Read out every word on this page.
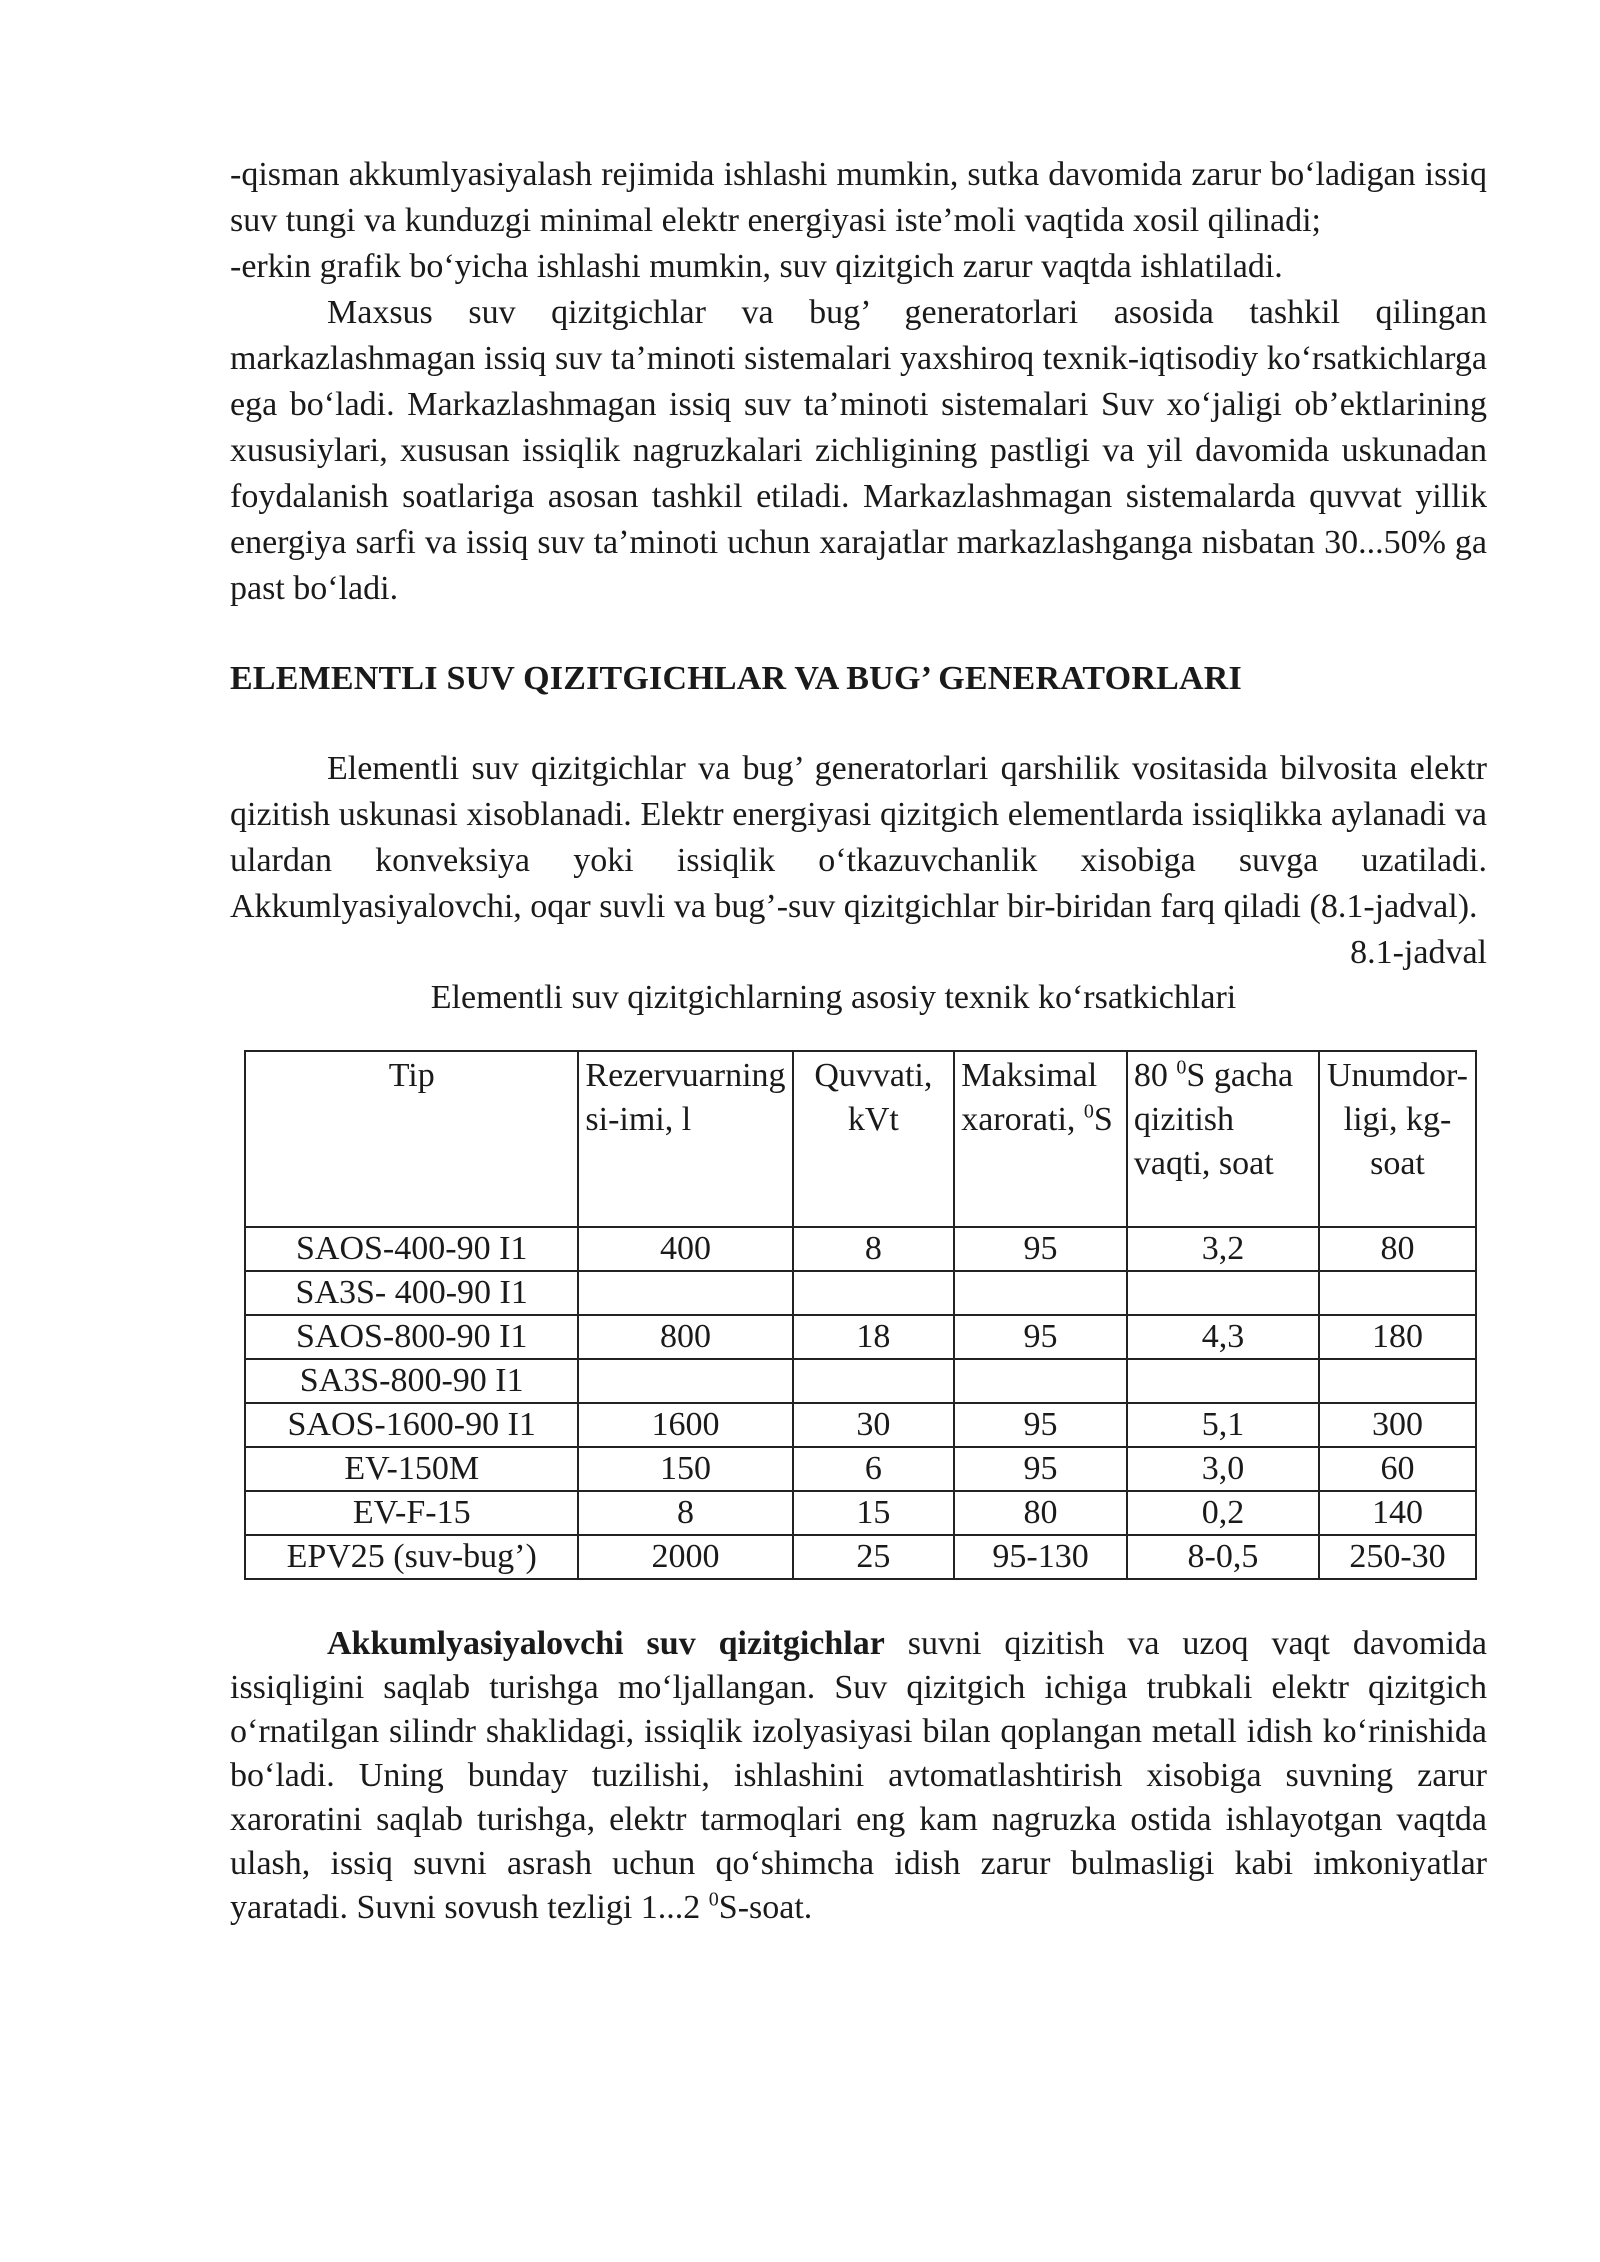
-qisman akkumlyasiyalash rejimida ishlashi mumkin, sutka davomida zarur boʻladigan issiq suv tungi va kunduzgi minimal elektr energiyasi isteʼmoli vaqtida xosil qilinadi;

-erkin grafik boʻyicha ishlashi mumkin, suv qizitgich zarur vaqtda ishlatiladi.

Maxsus suv qizitgichlar va bug’ generatorlari asosida tashkil qilingan markazlashmagan issiq suv taʼminoti sistemalari yaxshiroq texnik-iqtisodiy koʻrsatkichlarga ega boʻladi. Markazlashmagan issiq suv taʼminoti sistemalari Suv xoʻjaligi obʼektlarining xususiylari, xususan issiqlik nagruzkalari zichligining pastligi va yil davomida uskunadan foydalanish soatlariga asosan tashkil etiladi. Markazlashmagan sistemalarda quvvat yillik energiya sarfi va issiq suv taʼminoti uchun xarajatlar markazlashganga nisbatan 30...50% ga past boʻladi.

ELEMENTLI SUV QIZITGICHLAR VA BUG’ GENERATORLARI

Elementli suv qizitgichlar va bug’ generatorlari qarshilik vositasida bilvosita elektr qizitish uskunasi xisoblanadi. Elektr energiyasi qizitgich elementlarda issiqlikka aylanadi va ulardan konveksiya yoki issiqlik oʻtkazuvchanlik xisobiga suvga uzatiladi. Akkumlyasiyalovchi, oqar suvli va bug’-suv qizitgichlar bir-biridan farq qiladi (8.1-jadval).

8.1-jadval
Elementli suv qizitgichlarning asosiy texnik koʻrsatkichlari
Tip	Rezervuarning si-imi, l	Quvvati, kVt	Maksimal xarorati, $^0$S	80 $^0$S gacha qizitish vaqti, soat	Unumdor-ligi, kg-soat
SAOS-400-90 I1	400	8	95	3,2	80
SA3S- 400-90 I1					
SAOS-800-90 I1	800	18	95	4,3	180
SA3S-800-90 I1					
SAOS-1600-90 I1	1600	30	95	5,1	300
EV-150M	150	6	95	3,0	60
EV-F-15	8	15	80	0,2	140
EPV25 (suv-bug’)	2000	25	95-130	8-0,5	250-30

Akkumlyasiyalovchi suv qizitgichlar suvni qizitish va uzoq vaqt davomida issiqligini saqlab turishga moʻljallangan. Suv qizitgich ichiga trubkali elektr qizitgich oʻrnatilgan silindr shaklidagi, issiqlik izolyasiyasi bilan qoplangan metall idish koʻrinishida boʻladi. Uning bunday tuzilishi, ishlashini avtomatlashtirish xisobiga suvning zarur xaroratini saqlab turishga, elektr tarmoqlari eng kam nagruzka ostida ishlayotgan vaqtda ulash, issiq suvni asrash uchun qoʻshimcha idish zarur bulmasligi kabi imkoniyatlar yaratadi. Suvni sovush tezligi 1...2 $^0$S-soat.
